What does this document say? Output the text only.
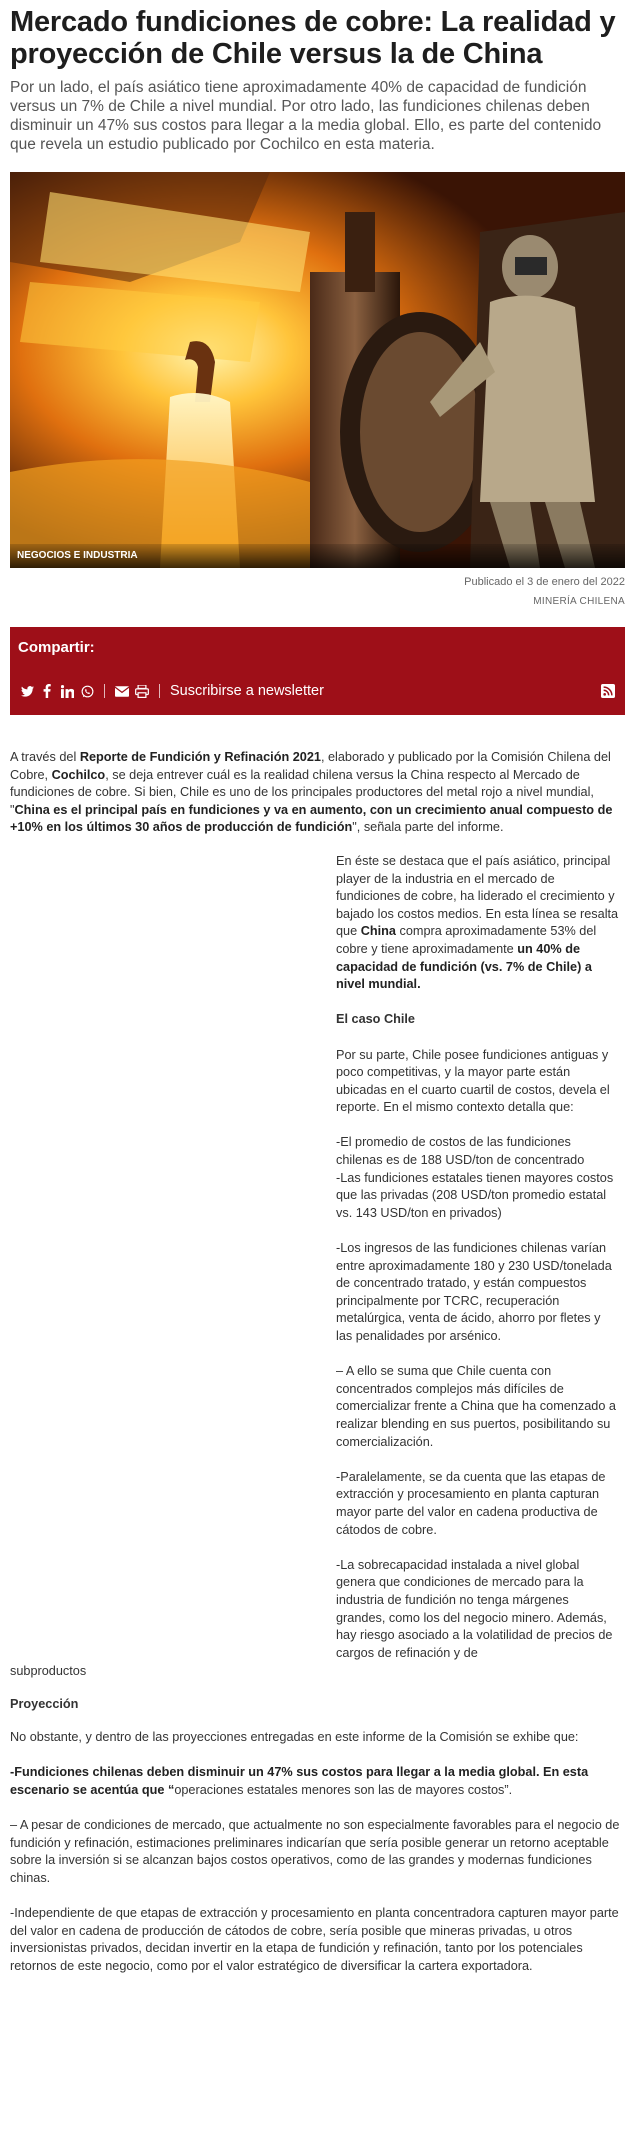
Mercado fundiciones de cobre: La realidad y proyección de Chile versus la de China

Por un lado, el país asiático tiene aproximadamente 40% de capacidad de fundición versus un 7% de Chile a nivel mundial. Por otro lado, las fundiciones chilenas deben disminuir un 47% sus costos para llegar a la media global. Ello, es parte del contenido que revela un estudio publicado por Cochilco en esta materia.

NEGOCIOS E INDUSTRIA
Publicado el 3 de enero del 2022
MINERÍA CHILENA
Compartir:
Suscribirse a newsletter

A través del Reporte de Fundición y Refinación 2021, elaborado y publicado por la Comisión Chilena del Cobre, Cochilco, se deja entrever cuál es la realidad chilena versus la China respecto al Mercado de fundiciones de cobre. Si bien, Chile es uno de los principales productores del metal rojo a nivel mundial, "China es el principal país en fundiciones y va en aumento, con un crecimiento anual compuesto de +10% en los últimos 30 años de producción de fundición", señala parte del informe.

En éste se destaca que el país asiático, principal player de la industria en el mercado de fundiciones de cobre, ha liderado el crecimiento y bajado los costos medios. En esta línea se resalta que China compra aproximadamente 53% del cobre y tiene aproximadamente un 40% de capacidad de fundición (vs. 7% de Chile) a nivel mundial.

El caso Chile

Por su parte, Chile posee fundiciones antiguas y poco competitivas, y la mayor parte están ubicadas en el cuarto cuartil de costos, devela el reporte. En el mismo contexto detalla que:

-El promedio de costos de las fundiciones chilenas es de 188 USD/ton de concentrado
-Las fundiciones estatales tienen mayores costos que las privadas (208 USD/ton promedio estatal vs. 143 USD/ton en privados)

-Los ingresos de las fundiciones chilenas varían entre aproximadamente 180 y 230 USD/tonelada de concentrado tratado, y están compuestos principalmente por TCRC, recuperación metalúrgica, venta de ácido, ahorro por fletes y las penalidades por arsénico.

– A ello se suma que Chile cuenta con concentrados complejos más difíciles de comercializar frente a China que ha comenzado a realizar blending en sus puertos, posibilitando su comercialización.

-Paralelamente, se da cuenta que las etapas de extracción y procesamiento en planta capturan mayor parte del valor en cadena productiva de cátodos de cobre.

-La sobrecapacidad instalada a nivel global genera que condiciones de mercado para la industria de fundición no tenga márgenes grandes, como los del negocio minero. Además, hay riesgo asociado a la volatilidad de precios de cargos de refinación y de

subproductos

Proyección

No obstante, y dentro de las proyecciones entregadas en este informe de la Comisión se exhibe que:

-Fundiciones chilenas deben disminuir un 47% sus costos para llegar a la media global. En esta escenario se acentúa que “operaciones estatales menores son las de mayores costos”.

– A pesar de condiciones de mercado, que actualmente no son especialmente favorables para el negocio de fundición y refinación, estimaciones preliminares indicarían que sería posible generar un retorno aceptable sobre la inversión si se alcanzan bajos costos operativos, como de las grandes y modernas fundiciones chinas.

-Independiente de que etapas de extracción y procesamiento en planta concentradora capturen mayor parte del valor en cadena de producción de cátodos de cobre, sería posible que mineras privadas, u otros inversionistas privados, decidan invertir en la etapa de fundición y refinación, tanto por los potenciales retornos de este negocio, como por el valor estratégico de diversificar la cartera exportadora.
